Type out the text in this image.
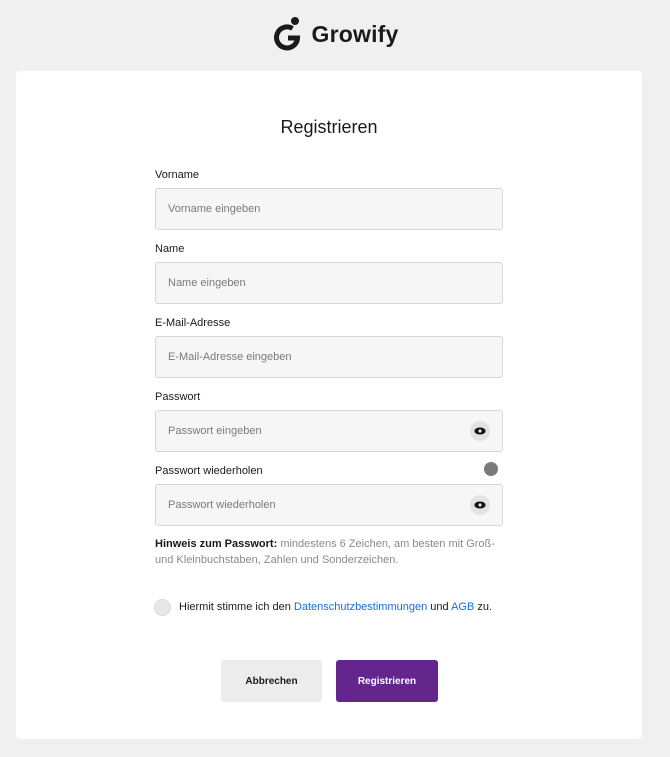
Growify
Registrieren
Vorname
Vorname eingeben
Name
Name eingeben
E-Mail-Adresse
E-Mail-Adresse eingeben
Passwort
Passwort wiederholen

Hinweis zum Passwort: mindestens 6 Zeichen, am besten mit Groß- und Kleinbuchstaben, Zahlen und Sonderzeichen.

Hiermit stimme ich den Datenschutzbestimmungen und AGB zu.
Abbrechen	Registrieren
